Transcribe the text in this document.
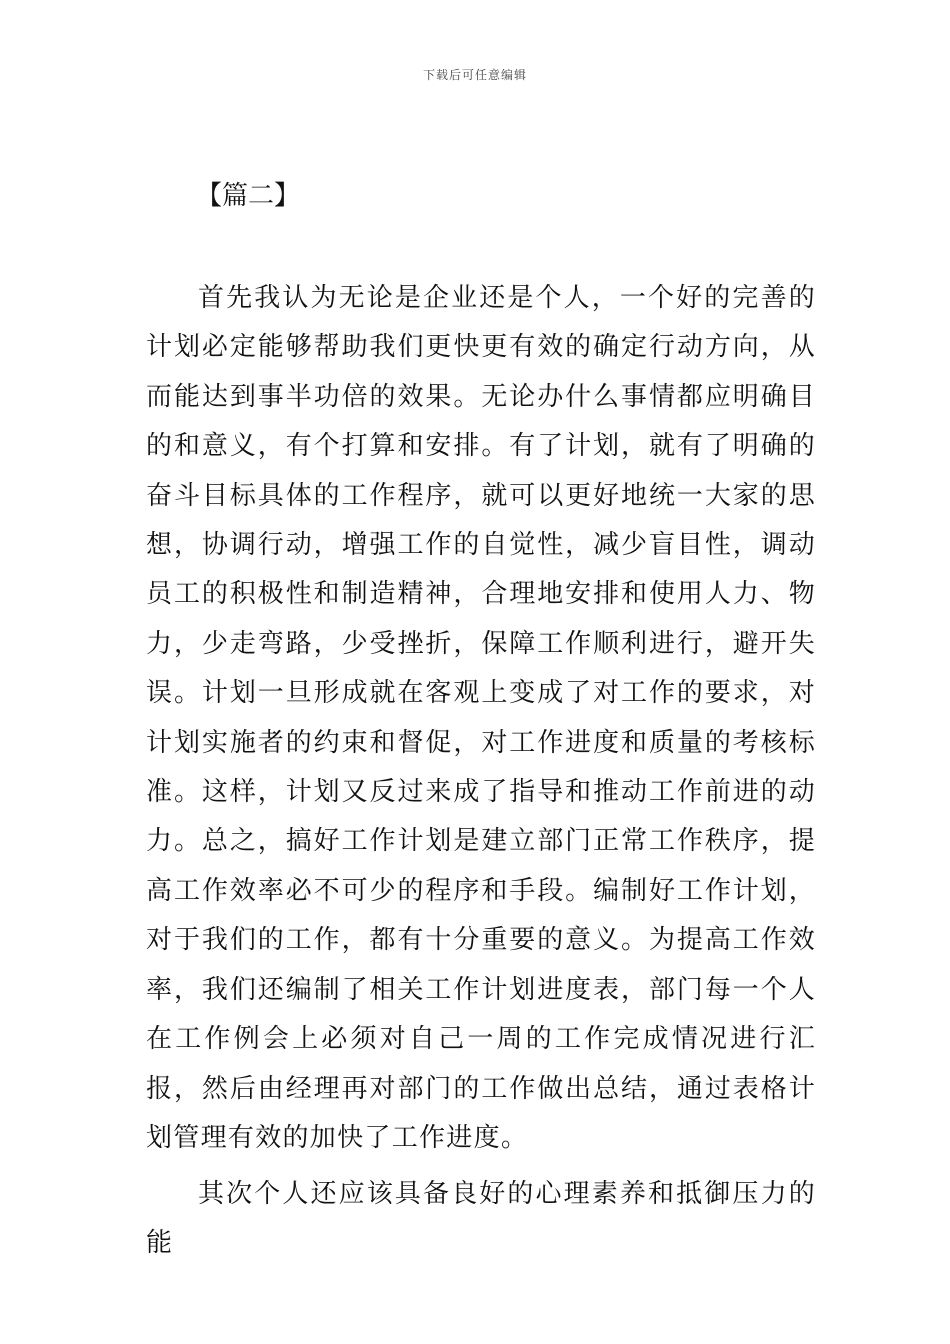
下载后可任意编辑
【篇二】

首先我认为无论是企业还是个人，一个好的完善的计划必定能够帮助我们更快更有效的确定行动方向，从而能达到事半功倍的效果。无论办什么事情都应明确目的和意义，有个打算和安排。有了计划，就有了明确的奋斗目标具体的工作程序，就可以更好地统一大家的思想，协调行动，增强工作的自觉性，减少盲目性，调动员工的积极性和制造精神，合理地安排和使用人力、物力，少走弯路，少受挫折，保障工作顺利进行，避开失误。计划一旦形成就在客观上变成了对工作的要求，对计划实施者的约束和督促，对工作进度和质量的考核标准。这样，计划又反过来成了指导和推动工作前进的动力。总之，搞好工作计划是建立部门正常工作秩序，提高工作效率必不可少的程序和手段。编制好工作计划，对于我们的工作，都有十分重要的意义。为提高工作效率，我们还编制了相关工作计划进度表，部门每一个人在工作例会上必须对自己一周的工作完成情况进行汇报，然后由经理再对部门的工作做出总结，通过表格计划管理有效的加快了工作进度。

其次个人还应该具备良好的心理素养和抵御压力的能
